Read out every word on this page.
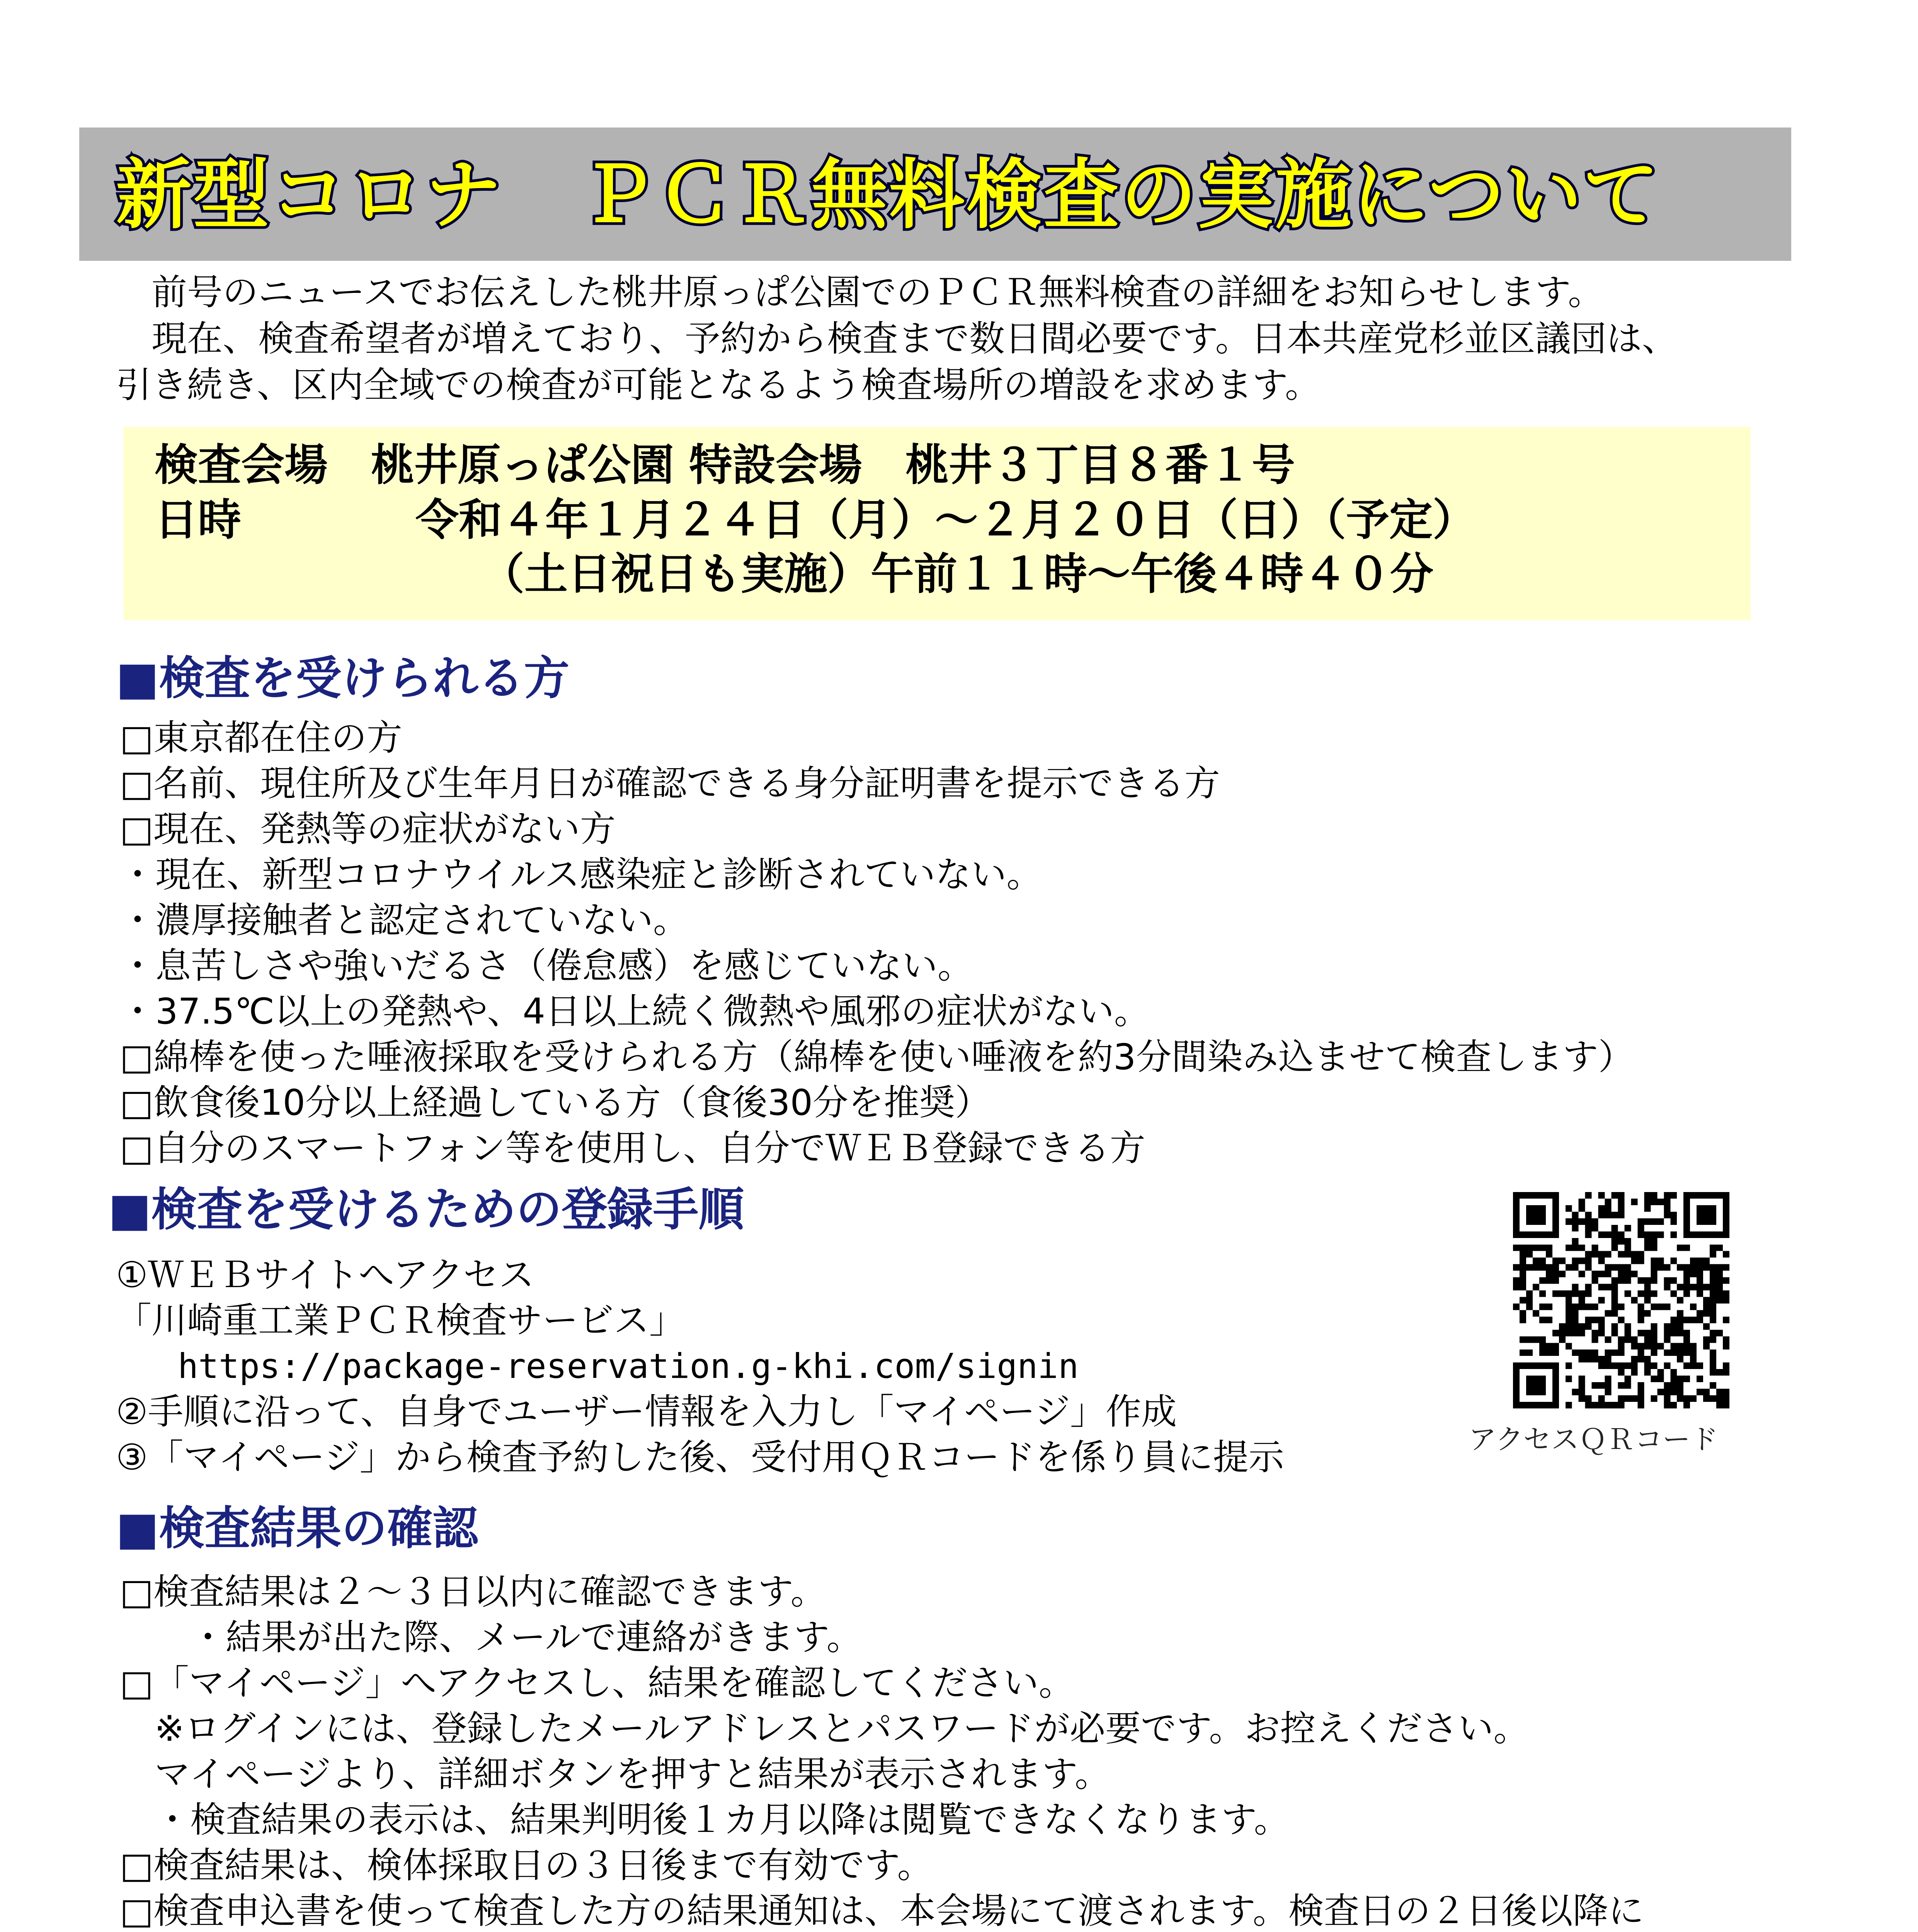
新型コロナ　ＰＣＲ無料検査の実施について
　前号のニュースでお伝えした桃井原っぱ公園でのＰＣＲ無料検査の詳細をお知らせします。
　現在、検査希望者が増えており、予約から検査まで数日間必要です。日本共産党杉並区議団は、
引き続き、区内全域での検査が可能となるよう検査場所の増設を求めます。
検査会場　桃井原っぱ公園 特設会場　桃井３丁目８番１号
日時	令和４年１月２４日（月）～２月２０日（日）（予定）
（土日祝日も実施）午前１１時～午後４時４０分
■検査を受けられる方
□東京都在住の方
□名前、現住所及び生年月日が確認できる身分証明書を提示できる方
□現在、発熱等の症状がない方
・現在、新型コロナウイルス感染症と診断されていない。
・濃厚接触者と認定されていない。
・息苦しさや強いだるさ（倦怠感）を感じていない。
・37.5℃以上の発熱や、4日以上続く微熱や風邪の症状がない。
□綿棒を使った唾液採取を受けられる方（綿棒を使い唾液を約3分間染み込ませて検査します）
□飲食後10分以上経過している方（食後30分を推奨）
□自分のスマートフォン等を使用し、自分でＷＥＢ登録できる方
■検査を受けるための登録手順
①ＷＥＢサイトへアクセス
「川崎重工業ＰＣＲ検査サービス」
https://package-reservation.g-khi.com/signin
②手順に沿って、自身でユーザー情報を入力し「マイページ」作成
③「マイページ」から検査予約した後、受付用ＱＲコードを係り員に提示	アクセスＱＲコード
■検査結果の確認
□検査結果は２～３日以内に確認できます。
　・結果が出た際、メールで連絡がきます。
□「マイページ」へアクセスし、結果を確認してください。
※ログインには、登録したメールアドレスとパスワードが必要です。お控えください。
マイページより、詳細ボタンを押すと結果が表示されます。
・検査結果の表示は、結果判明後１カ月以降は閲覧できなくなります。
□検査結果は、検体採取日の３日後まで有効です。
□検査申込書を使って検査した方の結果通知は、本会場にて渡されます。検査日の２日後以降に
